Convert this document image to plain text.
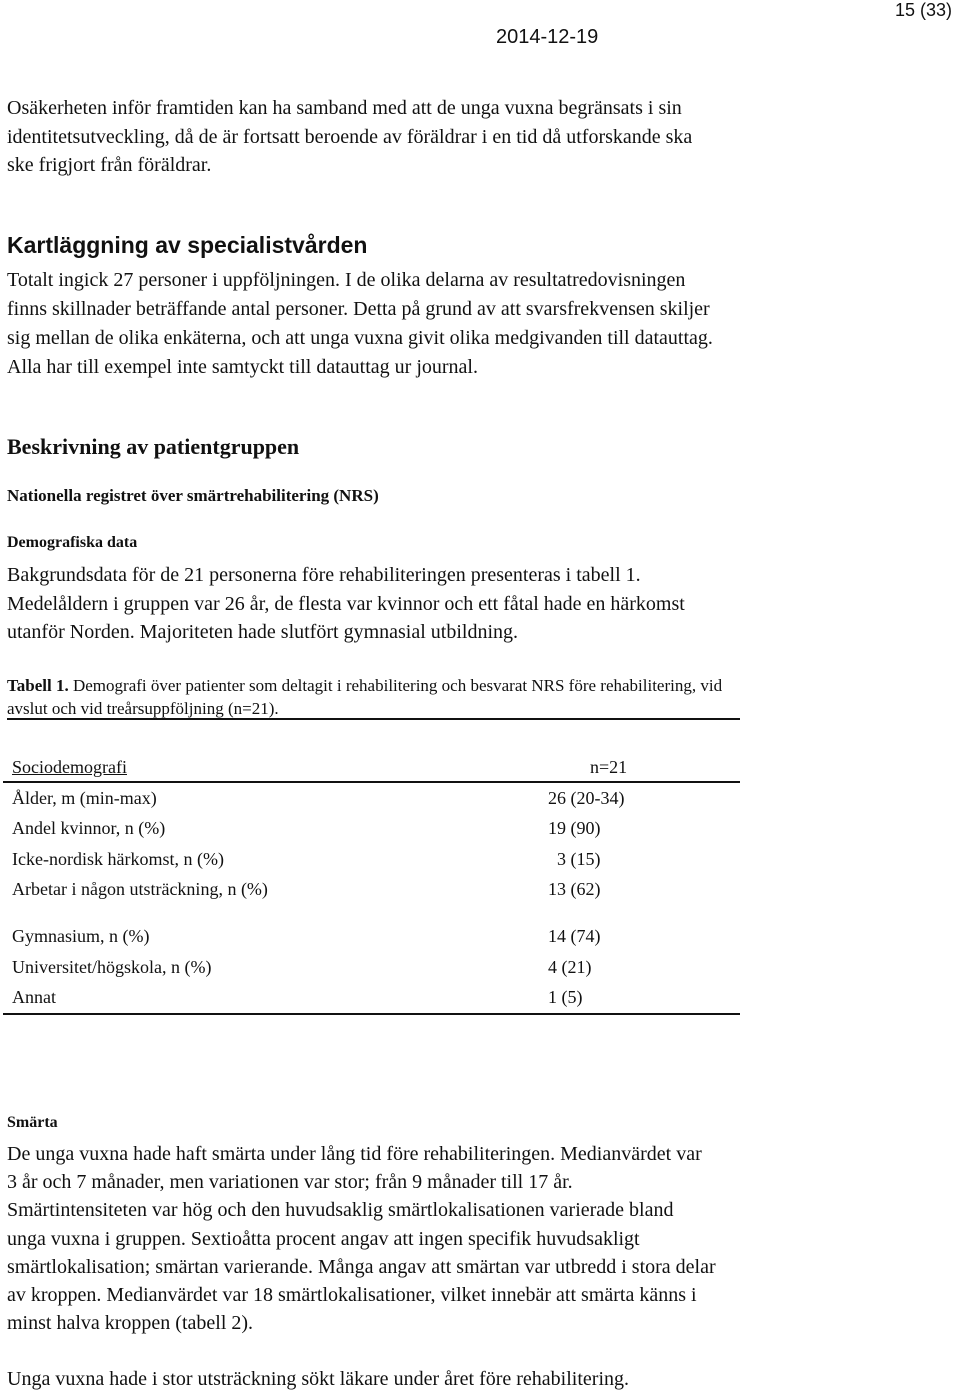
15 (33)
2014-12-19

Osäkerheten inför framtiden kan ha samband med att de unga vuxna begränsats i sin

identitetsutveckling, då de är fortsatt beroende av föräldrar i en tid då utforskande ska

ske frigjort från föräldrar.

Kartläggning av specialistvården

Totalt ingick 27 personer i uppföljningen. I de olika delarna av resultatredovisningen

finns skillnader beträffande antal personer. Detta på grund av att svarsfrekvensen skiljer

sig mellan de olika enkäterna, och att unga vuxna givit olika medgivanden till datauttag.

Alla har till exempel inte samtyckt till datauttag ur journal.

Beskrivning av patientgruppen
Nationella registret över smärtrehabilitering (NRS)
Demografiska data

Bakgrundsdata för de 21 personerna före rehabiliteringen presenteras i tabell 1.

Medelåldern i gruppen var 26 år, de flesta var kvinnor och ett fåtal hade en härkomst

utanför Norden. Majoriteten hade slutfört gymnasial utbildning.

Tabell 1. Demografi över patienter som deltagit i rehabilitering och besvarat NRS före rehabilitering, vid
avslut och vid treårsuppföljning (n=21).
Sociodemografi	n=21
Ålder, m (min-max)	26 (20-34)
Andel kvinnor, n (%)	19 (90)
Icke-nordisk härkomst, n (%)	3 (15)
Arbetar i någon utsträckning, n (%)	13 (62)
Gymnasium, n (%)	14 (74)
Universitet/högskola, n (%)	4 (21)
Annat	1 (5)
Smärta

De unga vuxna hade haft smärta under lång tid före rehabiliteringen. Medianvärdet var

3 år och 7 månader, men variationen var stor; från 9 månader till 17 år.

Smärtintensiteten var hög och den huvudsaklig smärtlokalisationen varierade bland

unga vuxna i gruppen. Sextioåtta procent angav att ingen specifik huvudsakligt

smärtlokalisation; smärtan varierande. Många angav att smärtan var utbredd i stora delar

av kroppen. Medianvärdet var 18 smärtlokalisationer, vilket innebär att smärta känns i

minst halva kroppen (tabell 2).

Unga vuxna hade i stor utsträckning sökt läkare under året före rehabilitering.
